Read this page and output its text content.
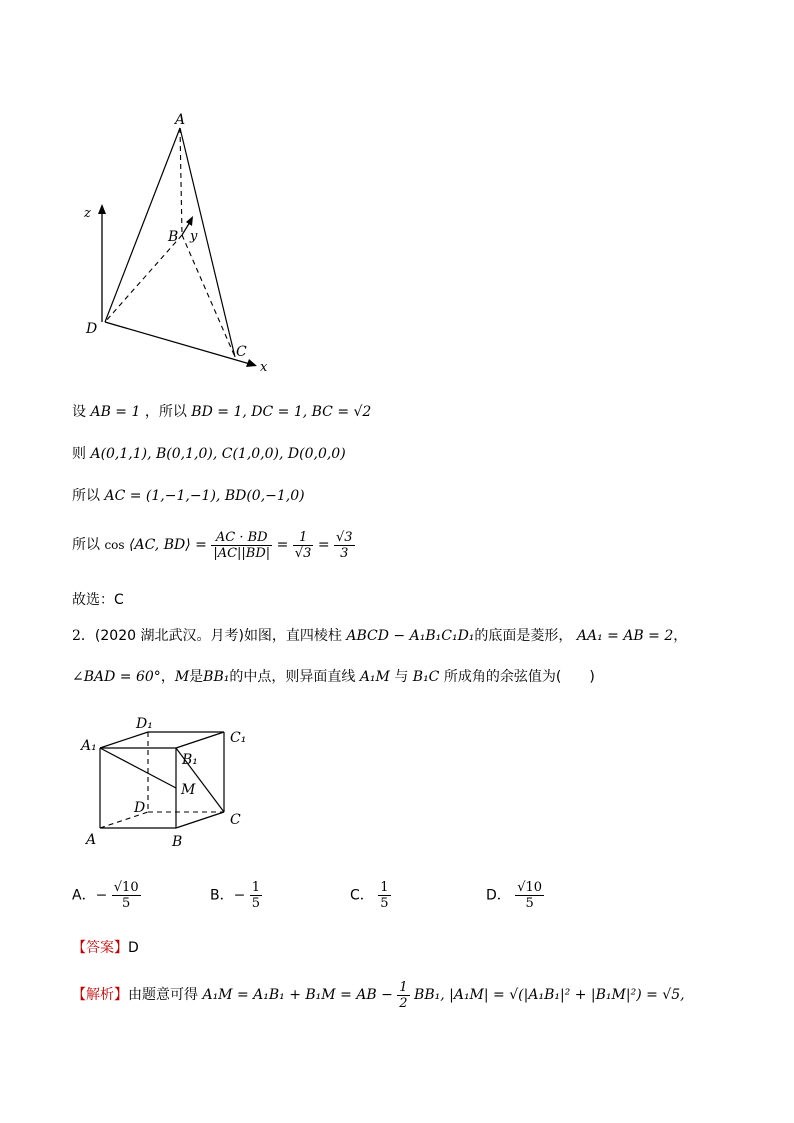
A
B y
z
D
C
x
设 AB = 1 ，所以 BD = 1, DC = 1, BC = √2
则 A(0,1,1), B(0,1,0), C(1,0,0), D(0,0,0)
所以 AC = (1,−1,−1), BD(0,−1,0)
所以 cos ⟨AC, BD⟩ = $\frac{AC \cdot BD}{|AC||BD|} = \frac{1}{√3} = \frac{√3}{3}$
故选：C
2．(2020 湖北武汉。月考)如图，直四棱柱 ABCD − A₁B₁C₁D₁的底面是菱形， AA₁ = AB = 2，
∠BAD = 60°，M是BB₁的中点，则异面直线 A₁M 与 B₁C 所成角的余弦值为(　　)
D₁
C₁
A₁
B₁
M
D
C
A	B
A．− $\frac{√10}{5}$	B．− $\frac{1}{5}$	C． $\frac{1}{5}$	D． $\frac{√10}{5}$
【答案】D
【解析】由题意可得 A₁M = A₁B₁ + B₁M = AB − $\frac{1}{2} BB_1$, |A₁M| = √(|A₁B₁|² + |B₁M|²) = √5,
